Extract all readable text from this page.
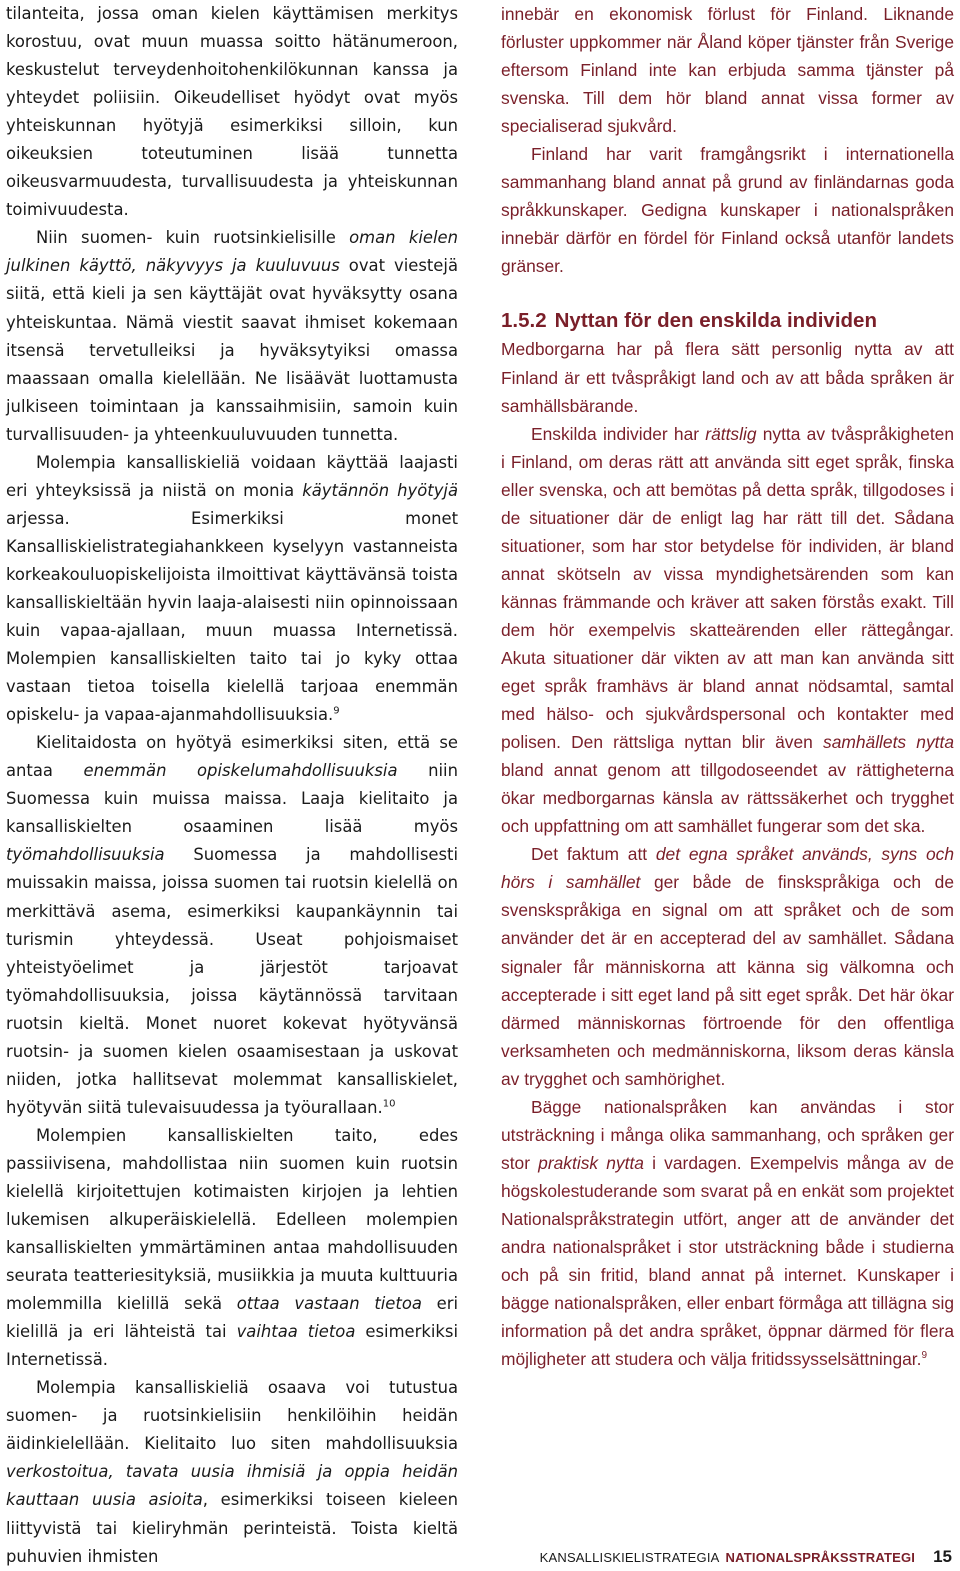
tilanteita, jossa oman kielen käyttämisen merkitys korostuu, ovat muun muassa soitto hätänumeroon, keskustelut terveydenhoitohenkilökunnan kanssa ja yhteydet poliisiin. Oikeudelliset hyödyt ovat myös yhteiskunnan hyötyjä esimerkiksi silloin, kun oikeuksien toteutuminen lisää tunnetta oikeusvarmuudesta, turvallisuudesta ja yhteiskunnan toimivuudesta.

Niin suomen- kuin ruotsinkielisille oman kielen julkinen käyttö, näkyvyys ja kuuluvuus ovat viestejä siitä, että kieli ja sen käyttäjät ovat hyväksytty osana yhteiskuntaa. Nämä viestit saavat ihmiset kokemaan itsensä tervetulleiksi ja hyväksytyiksi omassa maassaan omalla kielellään. Ne lisäävät luottamusta julkiseen toimintaan ja kanssaihmisiin, samoin kuin turvallisuuden- ja yhteenkuuluvuuden tunnetta.

Molempia kansalliskieliä voidaan käyttää laajasti eri yhteyksissä ja niistä on monia käytännön hyötyjä arjessa. Esimerkiksi monet Kansalliskielistrategiahankkeen kyselyyn vastanneista korkeakouluopiskelijoista ilmoittivat käyttävänsä toista kansalliskieltään hyvin laaja-alaisesti niin opinnoissaan kuin vapaa-ajallaan, muun muassa Internetissä. Molempien kansalliskielten taito tai jo kyky ottaa vastaan tietoa toisella kielellä tarjoaa enemmän opiskelu- ja vapaa-ajanmahdollisuuksia.$^9$

Kielitaidosta on hyötyä esimerkiksi siten, että se antaa enemmän opiskelumahdollisuuksia niin Suomessa kuin muissa maissa. Laaja kielitaito ja kansalliskielten osaaminen lisää myös työmahdollisuuksia Suomessa ja mahdollisesti muissakin maissa, joissa suomen tai ruotsin kielellä on merkittävä asema, esimerkiksi kaupankäynnin tai turismin yhteydessä. Useat pohjoismaiset yhteistyöelimet ja järjestöt tarjoavat työmahdollisuuksia, joissa käytännössä tarvitaan ruotsin kieltä. Monet nuoret kokevat hyötyvänsä ruotsin- ja suomen kielen osaamisestaan ja uskovat niiden, jotka hallitsevat molemmat kansalliskielet, hyötyvän siitä tulevaisuudessa ja työurallaan.$^{10}$

Molempien kansalliskielten taito, edes passiivisena, mahdollistaa niin suomen kuin ruotsin kielellä kirjoitettujen kotimaisten kirjojen ja lehtien lukemisen alkuperäiskielellä. Edelleen molempien kansalliskielten ymmärtäminen antaa mahdollisuuden seurata teatteriesityksiä, musiikkia ja muuta kulttuuria molemmilla kielillä sekä ottaa vastaan tietoa eri kielillä ja eri lähteistä tai vaihtaa tietoa esimerkiksi Internetissä.

Molempia kansalliskieliä osaava voi tutustua suomen- ja ruotsinkielisiin henkilöihin heidän äidinkielellään. Kielitaito luo siten mahdollisuuksia verkostoitua, tavata uusia ihmisiä ja oppia heidän kauttaan uusia asioita, esimerkiksi toiseen kieleen liittyvistä tai kieliryhmän perinteistä. Toista kieltä puhuvien ihmisten

innebär en ekonomisk förlust för Finland. Liknande förluster uppkommer när Åland köper tjänster från Sverige eftersom Finland inte kan erbjuda samma tjänster på svenska. Till dem hör bland annat vissa former av specialiserad sjukvård.

Finland har varit framgångsrikt i internationella sammanhang bland annat på grund av finländarnas goda språkkunskaper. Gedigna kunskaper i nationalspråken innebär därför en fördel för Finland också utanför landets gränser.

1.5.2 Nyttan för den enskilda individen

Medborgarna har på flera sätt personlig nytta av att Finland är ett tvåspråkigt land och av att båda språken är samhällsbärande.

Enskilda individer har rättslig nytta av tvåspråkigheten i Finland, om deras rätt att använda sitt eget språk, finska eller svenska, och att bemötas på detta språk, tillgodoses i de situationer där de enligt lag har rätt till det. Sådana situationer, som har stor betydelse för individen, är bland annat skötseln av vissa myndighetsärenden som kan kännas främmande och kräver att saken förstås exakt. Till dem hör exempelvis skatteärenden eller rättegångar. Akuta situationer där vikten av att man kan använda sitt eget språk framhävs är bland annat nödsamtal, samtal med hälso- och sjukvårdspersonal och kontakter med polisen. Den rättsliga nyttan blir även samhällets nytta bland annat genom att tillgodoseendet av rättigheterna ökar medborgarnas känsla av rättssäkerhet och trygghet och uppfattning om att samhället fungerar som det ska.

Det faktum att det egna språket används, syns och hörs i samhället ger både de finskspråkiga och de svenskspråkiga en signal om att språket och de som använder det är en accepterad del av samhället. Sådana signaler får människorna att känna sig välkomna och accepterade i sitt eget land på sitt eget språk. Det här ökar därmed människornas förtroende för den offentliga verksamheten och medmänniskorna, liksom deras känsla av trygghet och samhörighet.

Bägge nationalspråken kan användas i stor utsträckning i många olika sammanhang, och språken ger stor praktisk nytta i vardagen. Exempelvis många av de högskolestuderande som svarat på en enkät som projektet Nationalspråkstrategin utfört, anger att de använder det andra nationalspråket i stor utsträckning både i studierna och på sin fritid, bland annat på internet. Kunskaper i bägge nationalspråken, eller enbart förmåga att tillägna sig information på det andra språket, öppnar därmed för flera möjligheter att studera och välja fritidssysselsättningar.$^9$

KANSALLISKIELISTRATEGIA NATIONALSPRÅKSSTRATEGI 15
